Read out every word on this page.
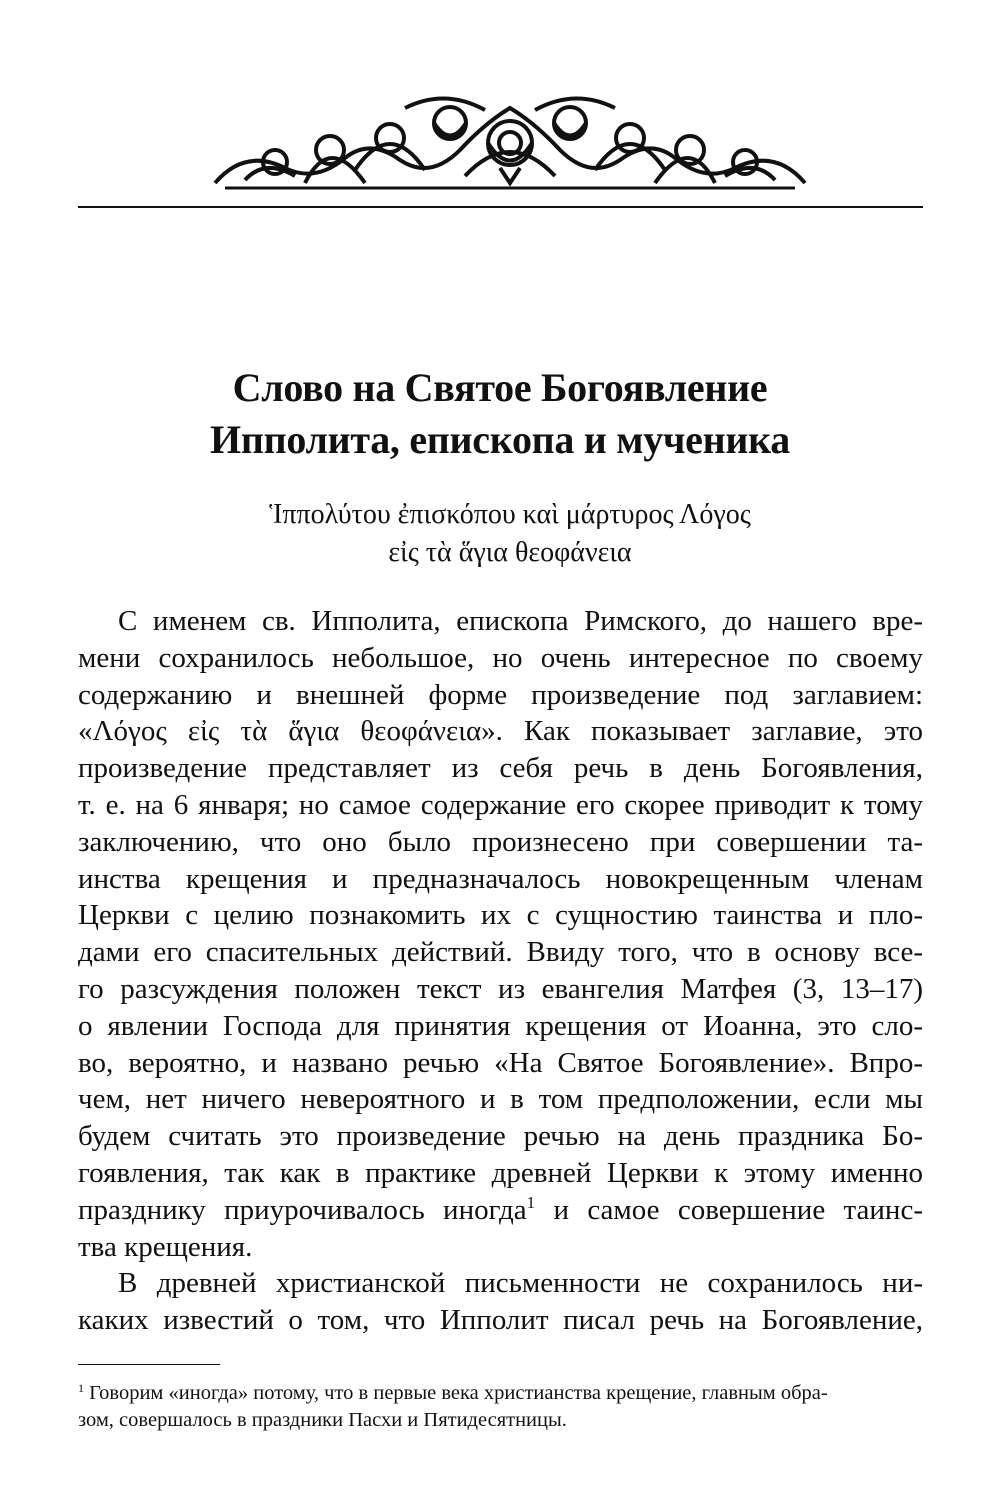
Слово на Святое Богоявление
Ипполита, епископа и мученика
Ἱππολύτου ἐπισκόπου καὶ μάρτυρος Λόγος
εἰς τὰ ἅγια θεοφάνεια
С именем св. Ипполита, епископа Римского, до нашего вре-
мени сохранилось небольшое, но очень интересное по своему
содержанию и внешней форме произведение под заглавием:
«Λόγος εἰς τὰ ἅγια θεοφάνεια». Как показывает заглавие, это
произведение представляет из себя речь в день Богоявления,
т. е. на 6 января; но самое содержание его скорее приводит к тому
заключению, что оно было произнесено при совершении та-
инства крещения и предназначалось новокрещенным членам
Церкви с целию познакомить их с сущностию таинства и пло-
дами его спасительных действий. Ввиду того, что в основу все-
го разсуждения положен текст из евангелия Матфея (3, 13–17)
о явлении Господа для принятия крещения от Иоанна, это сло-
во, вероятно, и названо речью «На Святое Богоявление». Впро-
чем, нет ничего невероятного и в том предположении, если мы
будем считать это произведение речью на день праздника Бо-
гоявления, так как в практике древней Церкви к этому именно
празднику приурочивалось иногда$^1$ и самое совершение таинс-
тва крещения.
В древней христианской письменности не сохранилось ни-
каких известий о том, что Ипполит писал речь на Богоявление,
$^1$ Говорим «иногда» потому, что в первые века христианства крещение, главным обра-
зом, совершалось в праздники Пасхи и Пятидесятницы.
